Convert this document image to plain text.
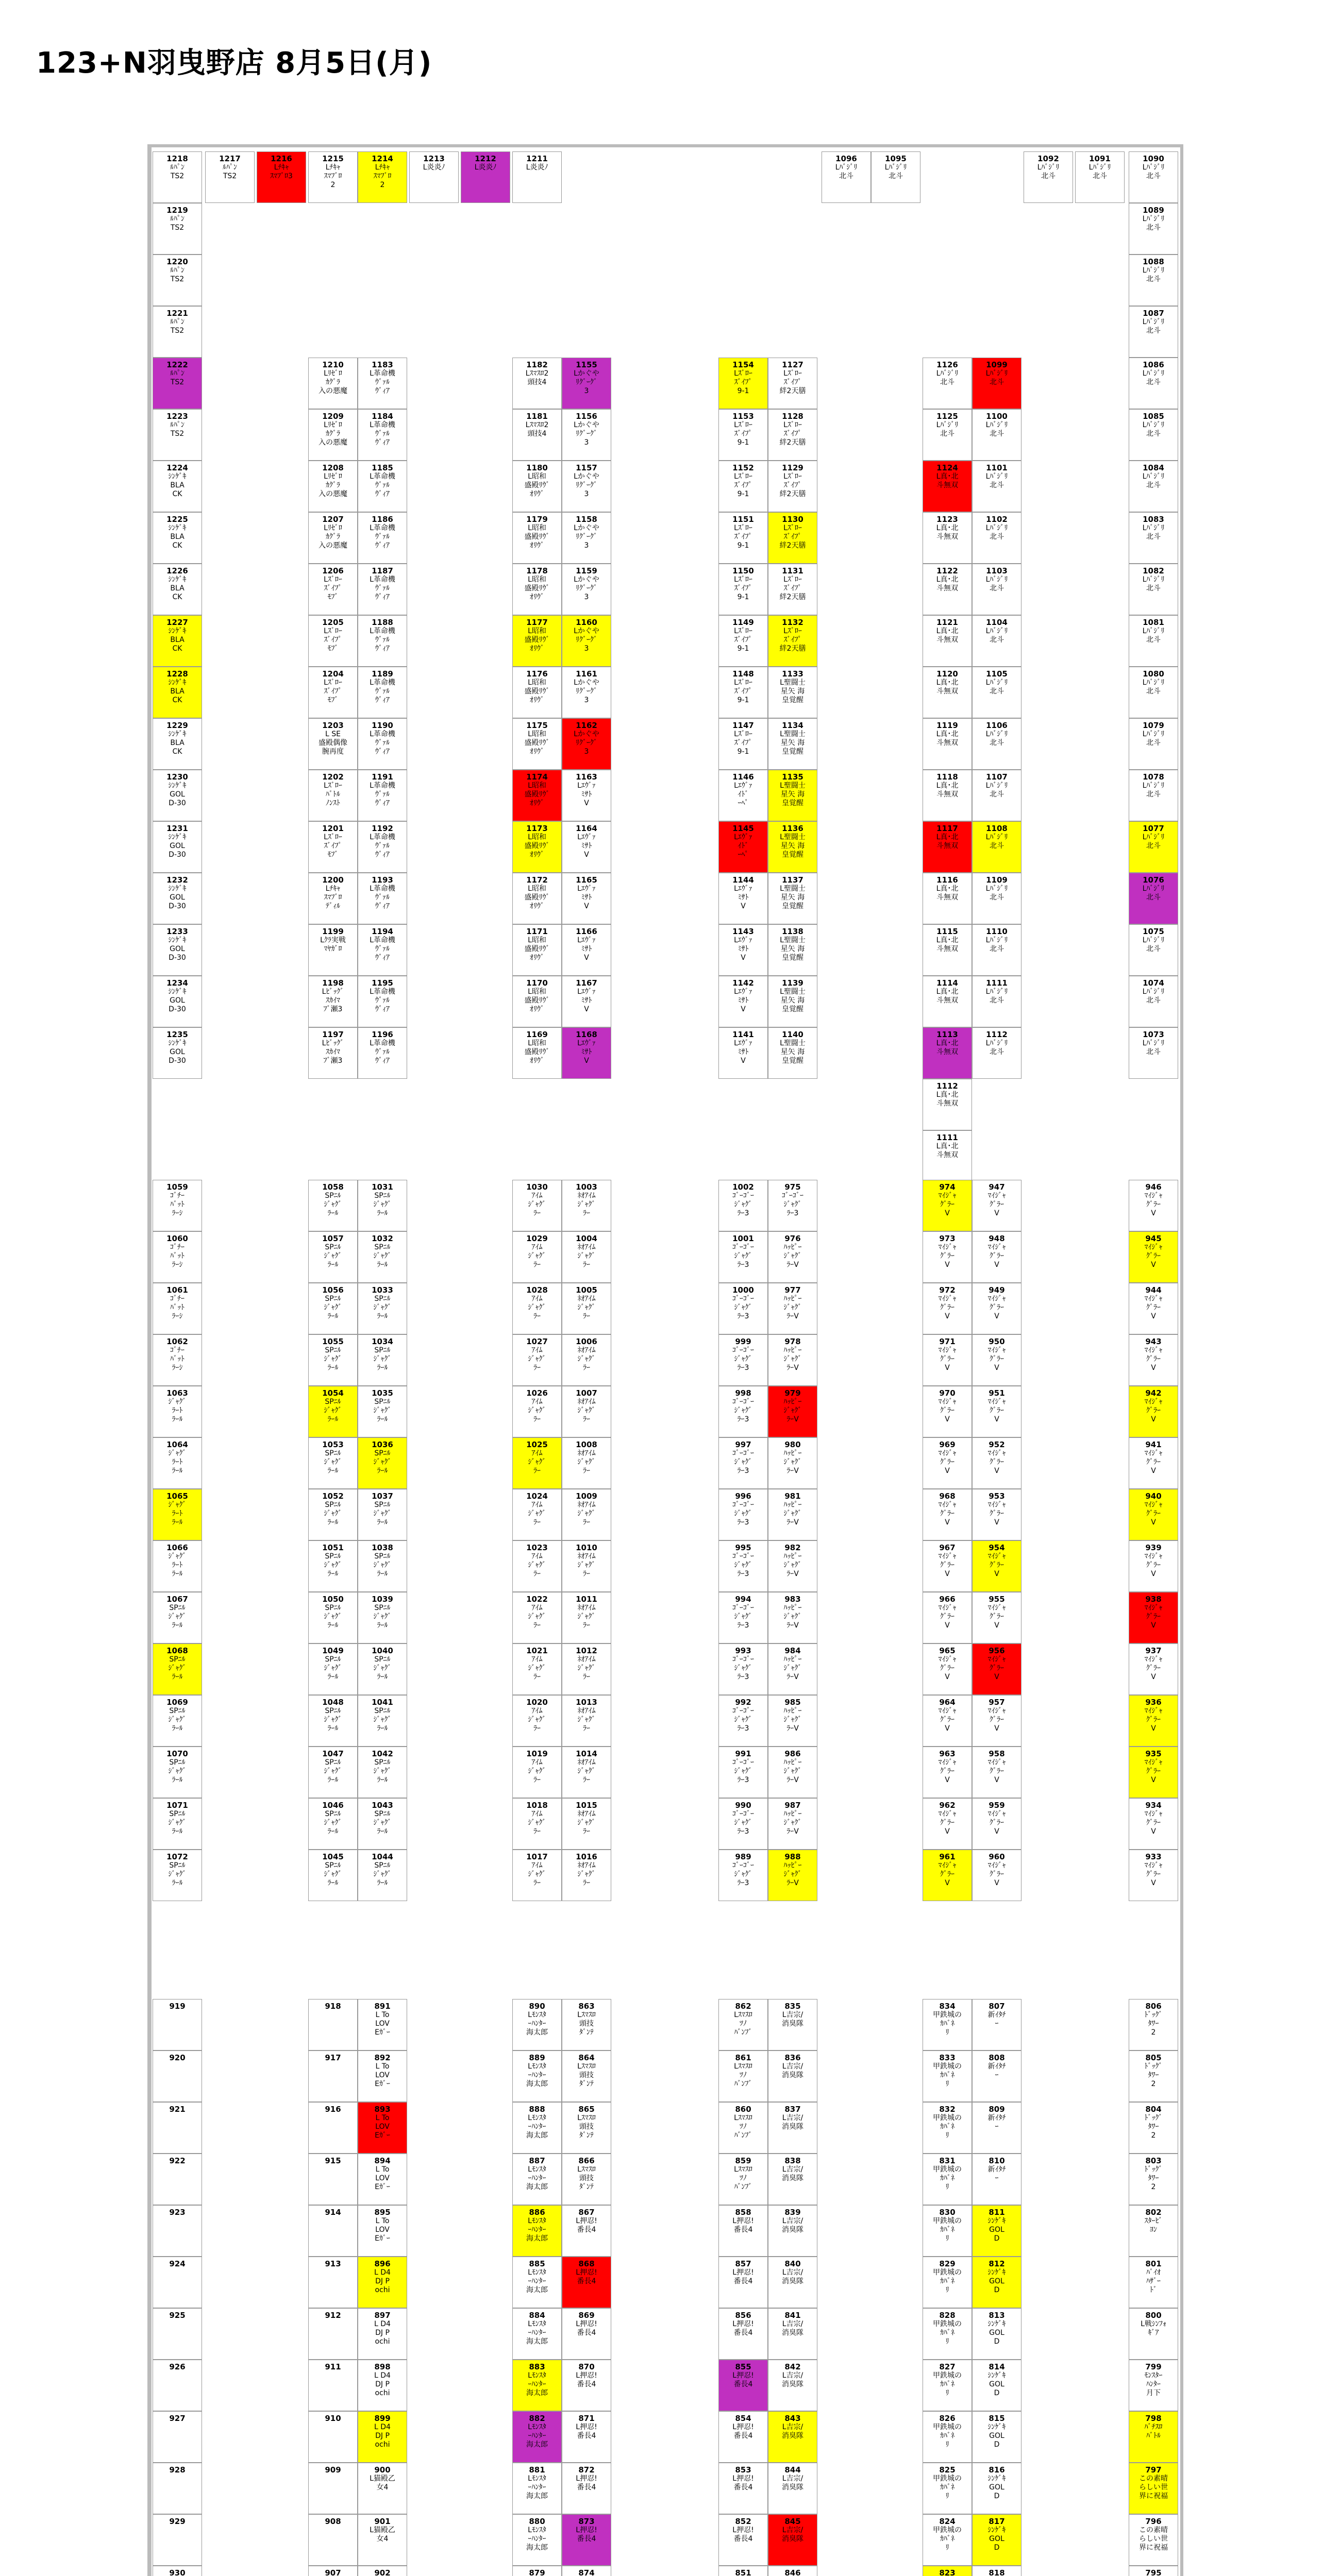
123+N羽曳野店 8月5日(月)
1218
ﾙﾊﾟﾝ
TS2
1219
ﾙﾊﾟﾝ
TS2
1220
ﾙﾊﾟﾝ
TS2
1221
ﾙﾊﾟﾝ
TS2
1222
ﾙﾊﾟﾝ
TS2
1223
ﾙﾊﾟﾝ
TS2
1224
ｼﾝｹﾞｷ
BLA
CK
1225
ｼﾝｹﾞｷ
BLA
CK
1226
ｼﾝｹﾞｷ
BLA
CK
1227
ｼﾝｹﾞｷ
BLA
CK
1228
ｼﾝｹﾞｷ
BLA
CK
1229
ｼﾝｹﾞｷ
BLA
CK
1230
ｼﾝｹﾞｷ
GOL
D-30
1231
ｼﾝｹﾞｷ
GOL
D-30
1232
ｼﾝｹﾞｷ
GOL
D-30
1233
ｼﾝｹﾞｷ
GOL
D-30
1234
ｼﾝｹﾞｷ
GOL
D-30
1235
ｼﾝｹﾞｷ
GOL
D-30
1210
Lﾘｾﾞﾛ
ｶｸﾞﾗ
入の悪魔
1209
Lﾘｾﾞﾛ
ｶｸﾞﾗ
入の悪魔
1208
Lﾘｾﾞﾛ
ｶｸﾞﾗ
入の悪魔
1207
Lﾘｾﾞﾛ
ｶｸﾞﾗ
入の悪魔
1206
Lｽﾞﾛｰ
ｽﾞｲﾌﾟ
ﾓﾌﾞ
1205
Lｽﾞﾛｰ
ｽﾞｲﾌﾟ
ﾓﾌﾞ
1204
Lｽﾞﾛｰ
ｽﾞｲﾌﾟ
ﾓﾌﾞ
1203
L SE
盛殿偶像
腕再度
1202
Lｽﾞﾛｰ
ﾊﾞﾄﾙ
ﾉﾝｽﾄ
1201
Lｽﾞﾛｰ
ｽﾞｲﾌﾟ
ﾓﾌﾞ
1200
Lﾁｷｬ
ｽﾏﾌﾞﾛ
ﾃﾞｨﾙ
1199
Lｸﾗ実戦
ﾏﾔｶﾞﾛ
1198
Lﾋﾞｯｸﾞ
ｽｶｲﾏ
ﾌﾞ瀬3
1197
Lﾋﾞｯｸﾞ
ｽｶｲﾏ
ﾌﾞ瀬3
1183
L革命機
ｳﾞｧﾙ
ｳﾞｨｱ
1184
L革命機
ｳﾞｧﾙ
ｳﾞｨｱ
1185
L革命機
ｳﾞｧﾙ
ｳﾞｨｱ
1186
L革命機
ｳﾞｧﾙ
ｳﾞｨｱ
1187
L革命機
ｳﾞｧﾙ
ｳﾞｨｱ
1188
L革命機
ｳﾞｧﾙ
ｳﾞｨｱ
1189
L革命機
ｳﾞｧﾙ
ｳﾞｨｱ
1190
L革命機
ｳﾞｧﾙ
ｳﾞｨｱ
1191
L革命機
ｳﾞｧﾙ
ｳﾞｨｱ
1192
L革命機
ｳﾞｧﾙ
ｳﾞｨｱ
1193
L革命機
ｳﾞｧﾙ
ｳﾞｨｱ
1194
L革命機
ｳﾞｧﾙ
ｳﾞｨｱ
1195
L革命機
ｳﾞｧﾙ
ｳﾞｨｱ
1196
L革命機
ｳﾞｧﾙ
ｳﾞｨｱ
1182
Lｽﾏｽﾛ2
頭技4
1181
Lｽﾏｽﾛ2
頭技4
1180
L昭和
盛殿ﾘｳﾞ
ｵﾘｳﾞ
1179
L昭和
盛殿ﾘｳﾞ
ｵﾘｳﾞ
1178
L昭和
盛殿ﾘｳﾞ
ｵﾘｳﾞ
1177
L昭和
盛殿ﾘｳﾞ
ｵﾘｳﾞ
1176
L昭和
盛殿ﾘｳﾞ
ｵﾘｳﾞ
1175
L昭和
盛殿ﾘｳﾞ
ｵﾘｳﾞ
1174
L昭和
盛殿ﾘｳﾞ
ｵﾘｳﾞ
1173
L昭和
盛殿ﾘｳﾞ
ｵﾘｳﾞ
1172
L昭和
盛殿ﾘｳﾞ
ｵﾘｳﾞ
1171
L昭和
盛殿ﾘｳﾞ
ｵﾘｳﾞ
1170
L昭和
盛殿ﾘｳﾞ
ｵﾘｳﾞ
1169
L昭和
盛殿ﾘｳﾞ
ｵﾘｳﾞ
1155
Lかぐや
ﾘｸﾞｰｸﾞ
3
1156
Lかぐや
ﾘｸﾞｰｸﾞ
3
1157
Lかぐや
ﾘｸﾞｰｸﾞ
3
1158
Lかぐや
ﾘｸﾞｰｸﾞ
3
1159
Lかぐや
ﾘｸﾞｰｸﾞ
3
1160
Lかぐや
ﾘｸﾞｰｸﾞ
3
1161
Lかぐや
ﾘｸﾞｰｸﾞ
3
1162
Lかぐや
ﾘｸﾞｰｸﾞ
3
1163
Lｴｳﾞｧ
ﾐｻﾄ
V
1164
Lｴｳﾞｧ
ﾐｻﾄ
V
1165
Lｴｳﾞｧ
ﾐｻﾄ
V
1166
Lｴｳﾞｧ
ﾐｻﾄ
V
1167
Lｴｳﾞｧ
ﾐｻﾄ
V
1168
Lｴｳﾞｧ
ﾐｻﾄ
V
1154
Lｽﾞﾛｰ
ｽﾞｲﾌﾟ
9-1
1153
Lｽﾞﾛｰ
ｽﾞｲﾌﾟ
9-1
1152
Lｽﾞﾛｰ
ｽﾞｲﾌﾟ
9-1
1151
Lｽﾞﾛｰ
ｽﾞｲﾌﾟ
9-1
1150
Lｽﾞﾛｰ
ｽﾞｲﾌﾟ
9-1
1149
Lｽﾞﾛｰ
ｽﾞｲﾌﾟ
9-1
1148
Lｽﾞﾛｰ
ｽﾞｲﾌﾟ
9-1
1147
Lｽﾞﾛｰ
ｽﾞｲﾌﾟ
9-1
1146
Lｴｳﾞｧ
ｲﾄﾞ
ｰﾍﾟ
1145
Lｴｳﾞｧ
ｲﾄﾞ
ｰﾍﾟ
1144
Lｴｳﾞｧ
ﾐｻﾄ
V
1143
Lｴｳﾞｧ
ﾐｻﾄ
V
1142
Lｴｳﾞｧ
ﾐｻﾄ
V
1141
Lｴｳﾞｧ
ﾐｻﾄ
V
1127
Lｽﾞﾛｰ
ｽﾞｲﾌﾟ
絆2天膳
1128
Lｽﾞﾛｰ
ｽﾞｲﾌﾟ
絆2天膳
1129
Lｽﾞﾛｰ
ｽﾞｲﾌﾟ
絆2天膳
1130
Lｽﾞﾛｰ
ｽﾞｲﾌﾟ
絆2天膳
1131
Lｽﾞﾛｰ
ｽﾞｲﾌﾟ
絆2天膳
1132
Lｽﾞﾛｰ
ｽﾞｲﾌﾟ
絆2天膳
1133
L聖闘士
星矢 海
皇覚醒
1134
L聖闘士
星矢 海
皇覚醒
1135
L聖闘士
星矢 海
皇覚醒
1136
L聖闘士
星矢 海
皇覚醒
1137
L聖闘士
星矢 海
皇覚醒
1138
L聖闘士
星矢 海
皇覚醒
1139
L聖闘士
星矢 海
皇覚醒
1140
L聖闘士
星矢 海
皇覚醒
1126
Lﾊﾞｼﾞﾘ
北斗
1125
Lﾊﾞｼﾞﾘ
北斗
1124
L真･北
斗無双
1123
L真･北
斗無双
1122
L真･北
斗無双
1121
L真･北
斗無双
1120
L真･北
斗無双
1119
L真･北
斗無双
1118
L真･北
斗無双
1117
L真･北
斗無双
1116
L真･北
斗無双
1115
L真･北
斗無双
1114
L真･北
斗無双
1113
L真･北
斗無双
1112
L真･北
斗無双
1111
L真･北
斗無双
1099
Lﾊﾞｼﾞﾘ
北斗
1100
Lﾊﾞｼﾞﾘ
北斗
1101
Lﾊﾞｼﾞﾘ
北斗
1102
Lﾊﾞｼﾞﾘ
北斗
1103
Lﾊﾞｼﾞﾘ
北斗
1104
Lﾊﾞｼﾞﾘ
北斗
1105
Lﾊﾞｼﾞﾘ
北斗
1106
Lﾊﾞｼﾞﾘ
北斗
1107
Lﾊﾞｼﾞﾘ
北斗
1108
Lﾊﾞｼﾞﾘ
北斗
1109
Lﾊﾞｼﾞﾘ
北斗
1110
Lﾊﾞｼﾞﾘ
北斗
1111
Lﾊﾞｼﾞﾘ
北斗
1112
Lﾊﾞｼﾞﾘ
北斗
1090
Lﾊﾞｼﾞﾘ
北斗
1089
Lﾊﾞｼﾞﾘ
北斗
1088
Lﾊﾞｼﾞﾘ
北斗
1087
Lﾊﾞｼﾞﾘ
北斗
1086
Lﾊﾞｼﾞﾘ
北斗
1085
Lﾊﾞｼﾞﾘ
北斗
1084
Lﾊﾞｼﾞﾘ
北斗
1083
Lﾊﾞｼﾞﾘ
北斗
1082
Lﾊﾞｼﾞﾘ
北斗
1081
Lﾊﾞｼﾞﾘ
北斗
1080
Lﾊﾞｼﾞﾘ
北斗
1079
Lﾊﾞｼﾞﾘ
北斗
1078
Lﾊﾞｼﾞﾘ
北斗
1077
Lﾊﾞｼﾞﾘ
北斗
1076
Lﾊﾞｼﾞﾘ
北斗
1075
Lﾊﾞｼﾞﾘ
北斗
1074
Lﾊﾞｼﾞﾘ
北斗
1073
Lﾊﾞｼﾞﾘ
北斗
1217
ﾙﾊﾟﾝ
TS2
1216
Lﾁｷｬ
ｽﾏﾌﾞﾛ3
1215
Lﾁｷｬ
ｽﾏﾌﾞﾛ
2
1214
Lﾁｷｬ
ｽﾏﾌﾞﾛ
2
1213
L炎炎ﾉ
1212
L炎炎ﾉ
1211
L炎炎ﾉ
1092
Lﾊﾞｼﾞﾘ
北斗
1091
Lﾊﾞｼﾞﾘ
北斗
1096
Lﾊﾞｼﾞﾘ
北斗
1095
Lﾊﾞｼﾞﾘ
北斗
1059
ｺﾞﾁｰ
ﾊﾞｯﾄ
ﾗｰｼ
1060
ｺﾞﾁｰ
ﾊﾞｯﾄ
ﾗｰｼ
1061
ｺﾞﾁｰ
ﾊﾞｯﾄ
ﾗｰｼ
1062
ｺﾞﾁｰ
ﾊﾞｯﾄ
ﾗｰｼ
1063
ｼﾞｬｸﾞ
ﾗｰﾄ
ﾗｰﾙ
1064
ｼﾞｬｸﾞ
ﾗｰﾄ
ﾗｰﾙ
1065
ｼﾞｬｸﾞ
ﾗｰﾄ
ﾗｰﾙ
1066
ｼﾞｬｸﾞ
ﾗｰﾄ
ﾗｰﾙ
1067
SPﾆﾙ
ｼﾞｬｸﾞ
ﾗｰﾙ
1068
SPﾆﾙ
ｼﾞｬｸﾞ
ﾗｰﾙ
1069
SPﾆﾙ
ｼﾞｬｸﾞ
ﾗｰﾙ
1070
SPﾆﾙ
ｼﾞｬｸﾞ
ﾗｰﾙ
1071
SPﾆﾙ
ｼﾞｬｸﾞ
ﾗｰﾙ
1072
SPﾆﾙ
ｼﾞｬｸﾞ
ﾗｰﾙ
1058
SPﾆﾙ
ｼﾞｬｸﾞ
ﾗｰﾙ
1057
SPﾆﾙ
ｼﾞｬｸﾞ
ﾗｰﾙ
1056
SPﾆﾙ
ｼﾞｬｸﾞ
ﾗｰﾙ
1055
SPﾆﾙ
ｼﾞｬｸﾞ
ﾗｰﾙ
1054
SPﾆﾙ
ｼﾞｬｸﾞ
ﾗｰﾙ
1053
SPﾆﾙ
ｼﾞｬｸﾞ
ﾗｰﾙ
1052
SPﾆﾙ
ｼﾞｬｸﾞ
ﾗｰﾙ
1051
SPﾆﾙ
ｼﾞｬｸﾞ
ﾗｰﾙ
1050
SPﾆﾙ
ｼﾞｬｸﾞ
ﾗｰﾙ
1049
SPﾆﾙ
ｼﾞｬｸﾞ
ﾗｰﾙ
1048
SPﾆﾙ
ｼﾞｬｸﾞ
ﾗｰﾙ
1047
SPﾆﾙ
ｼﾞｬｸﾞ
ﾗｰﾙ
1046
SPﾆﾙ
ｼﾞｬｸﾞ
ﾗｰﾙ
1045
SPﾆﾙ
ｼﾞｬｸﾞ
ﾗｰﾙ
1031
SPﾆﾙ
ｼﾞｬｸﾞ
ﾗｰﾙ
1032
SPﾆﾙ
ｼﾞｬｸﾞ
ﾗｰﾙ
1033
SPﾆﾙ
ｼﾞｬｸﾞ
ﾗｰﾙ
1034
SPﾆﾙ
ｼﾞｬｸﾞ
ﾗｰﾙ
1035
SPﾆﾙ
ｼﾞｬｸﾞ
ﾗｰﾙ
1036
SPﾆﾙ
ｼﾞｬｸﾞ
ﾗｰﾙ
1037
SPﾆﾙ
ｼﾞｬｸﾞ
ﾗｰﾙ
1038
SPﾆﾙ
ｼﾞｬｸﾞ
ﾗｰﾙ
1039
SPﾆﾙ
ｼﾞｬｸﾞ
ﾗｰﾙ
1040
SPﾆﾙ
ｼﾞｬｸﾞ
ﾗｰﾙ
1041
SPﾆﾙ
ｼﾞｬｸﾞ
ﾗｰﾙ
1042
SPﾆﾙ
ｼﾞｬｸﾞ
ﾗｰﾙ
1043
SPﾆﾙ
ｼﾞｬｸﾞ
ﾗｰﾙ
1044
SPﾆﾙ
ｼﾞｬｸﾞ
ﾗｰﾙ
1030
ｱｲﾑ
ｼﾞｬｸﾞ
ﾗｰ
1029
ｱｲﾑ
ｼﾞｬｸﾞ
ﾗｰ
1028
ｱｲﾑ
ｼﾞｬｸﾞ
ﾗｰ
1027
ｱｲﾑ
ｼﾞｬｸﾞ
ﾗｰ
1026
ｱｲﾑ
ｼﾞｬｸﾞ
ﾗｰ
1025
ｱｲﾑ
ｼﾞｬｸﾞ
ﾗｰ
1024
ｱｲﾑ
ｼﾞｬｸﾞ
ﾗｰ
1023
ｱｲﾑ
ｼﾞｬｸﾞ
ﾗｰ
1022
ｱｲﾑ
ｼﾞｬｸﾞ
ﾗｰ
1021
ｱｲﾑ
ｼﾞｬｸﾞ
ﾗｰ
1020
ｱｲﾑ
ｼﾞｬｸﾞ
ﾗｰ
1019
ｱｲﾑ
ｼﾞｬｸﾞ
ﾗｰ
1018
ｱｲﾑ
ｼﾞｬｸﾞ
ﾗｰ
1017
ｱｲﾑ
ｼﾞｬｸﾞ
ﾗｰ
1003
ﾈｵｱｲﾑ
ｼﾞｬｸﾞ
ﾗｰ
1004
ﾈｵｱｲﾑ
ｼﾞｬｸﾞ
ﾗｰ
1005
ﾈｵｱｲﾑ
ｼﾞｬｸﾞ
ﾗｰ
1006
ﾈｵｱｲﾑ
ｼﾞｬｸﾞ
ﾗｰ
1007
ﾈｵｱｲﾑ
ｼﾞｬｸﾞ
ﾗｰ
1008
ﾈｵｱｲﾑ
ｼﾞｬｸﾞ
ﾗｰ
1009
ﾈｵｱｲﾑ
ｼﾞｬｸﾞ
ﾗｰ
1010
ﾈｵｱｲﾑ
ｼﾞｬｸﾞ
ﾗｰ
1011
ﾈｵｱｲﾑ
ｼﾞｬｸﾞ
ﾗｰ
1012
ﾈｵｱｲﾑ
ｼﾞｬｸﾞ
ﾗｰ
1013
ﾈｵｱｲﾑ
ｼﾞｬｸﾞ
ﾗｰ
1014
ﾈｵｱｲﾑ
ｼﾞｬｸﾞ
ﾗｰ
1015
ﾈｵｱｲﾑ
ｼﾞｬｸﾞ
ﾗｰ
1016
ﾈｵｱｲﾑ
ｼﾞｬｸﾞ
ﾗｰ
1002
ｺﾞｰｺﾞｰ
ｼﾞｬｸﾞ
ﾗｰ3
1001
ｺﾞｰｺﾞｰ
ｼﾞｬｸﾞ
ﾗｰ3
1000
ｺﾞｰｺﾞｰ
ｼﾞｬｸﾞ
ﾗｰ3
999
ｺﾞｰｺﾞｰ
ｼﾞｬｸﾞ
ﾗｰ3
998
ｺﾞｰｺﾞｰ
ｼﾞｬｸﾞ
ﾗｰ3
997
ｺﾞｰｺﾞｰ
ｼﾞｬｸﾞ
ﾗｰ3
996
ｺﾞｰｺﾞｰ
ｼﾞｬｸﾞ
ﾗｰ3
995
ｺﾞｰｺﾞｰ
ｼﾞｬｸﾞ
ﾗｰ3
994
ｺﾞｰｺﾞｰ
ｼﾞｬｸﾞ
ﾗｰ3
993
ｺﾞｰｺﾞｰ
ｼﾞｬｸﾞ
ﾗｰ3
992
ｺﾞｰｺﾞｰ
ｼﾞｬｸﾞ
ﾗｰ3
991
ｺﾞｰｺﾞｰ
ｼﾞｬｸﾞ
ﾗｰ3
990
ｺﾞｰｺﾞｰ
ｼﾞｬｸﾞ
ﾗｰ3
989
ｺﾞｰｺﾞｰ
ｼﾞｬｸﾞ
ﾗｰ3
975
ｺﾞｰｺﾞｰ
ｼﾞｬｸﾞ
ﾗｰ3
976
ﾊｯﾋﾟｰ
ｼﾞｬｸﾞ
ﾗｰV
977
ﾊｯﾋﾟｰ
ｼﾞｬｸﾞ
ﾗｰV
978
ﾊｯﾋﾟｰ
ｼﾞｬｸﾞ
ﾗｰV
979
ﾊｯﾋﾟｰ
ｼﾞｬｸﾞ
ﾗｰV
980
ﾊｯﾋﾟｰ
ｼﾞｬｸﾞ
ﾗｰV
981
ﾊｯﾋﾟｰ
ｼﾞｬｸﾞ
ﾗｰV
982
ﾊｯﾋﾟｰ
ｼﾞｬｸﾞ
ﾗｰV
983
ﾊｯﾋﾟｰ
ｼﾞｬｸﾞ
ﾗｰV
984
ﾊｯﾋﾟｰ
ｼﾞｬｸﾞ
ﾗｰV
985
ﾊｯﾋﾟｰ
ｼﾞｬｸﾞ
ﾗｰV
986
ﾊｯﾋﾟｰ
ｼﾞｬｸﾞ
ﾗｰV
987
ﾊｯﾋﾟｰ
ｼﾞｬｸﾞ
ﾗｰV
988
ﾊｯﾋﾟｰ
ｼﾞｬｸﾞ
ﾗｰV
974
ﾏｲｼﾞｬ
ｸﾞﾗｰ
V
973
ﾏｲｼﾞｬ
ｸﾞﾗｰ
V
972
ﾏｲｼﾞｬ
ｸﾞﾗｰ
V
971
ﾏｲｼﾞｬ
ｸﾞﾗｰ
V
970
ﾏｲｼﾞｬ
ｸﾞﾗｰ
V
969
ﾏｲｼﾞｬ
ｸﾞﾗｰ
V
968
ﾏｲｼﾞｬ
ｸﾞﾗｰ
V
967
ﾏｲｼﾞｬ
ｸﾞﾗｰ
V
966
ﾏｲｼﾞｬ
ｸﾞﾗｰ
V
965
ﾏｲｼﾞｬ
ｸﾞﾗｰ
V
964
ﾏｲｼﾞｬ
ｸﾞﾗｰ
V
963
ﾏｲｼﾞｬ
ｸﾞﾗｰ
V
962
ﾏｲｼﾞｬ
ｸﾞﾗｰ
V
961
ﾏｲｼﾞｬ
ｸﾞﾗｰ
V
947
ﾏｲｼﾞｬ
ｸﾞﾗｰ
V
948
ﾏｲｼﾞｬ
ｸﾞﾗｰ
V
949
ﾏｲｼﾞｬ
ｸﾞﾗｰ
V
950
ﾏｲｼﾞｬ
ｸﾞﾗｰ
V
951
ﾏｲｼﾞｬ
ｸﾞﾗｰ
V
952
ﾏｲｼﾞｬ
ｸﾞﾗｰ
V
953
ﾏｲｼﾞｬ
ｸﾞﾗｰ
V
954
ﾏｲｼﾞｬ
ｸﾞﾗｰ
V
955
ﾏｲｼﾞｬ
ｸﾞﾗｰ
V
956
ﾏｲｼﾞｬ
ｸﾞﾗｰ
V
957
ﾏｲｼﾞｬ
ｸﾞﾗｰ
V
958
ﾏｲｼﾞｬ
ｸﾞﾗｰ
V
959
ﾏｲｼﾞｬ
ｸﾞﾗｰ
V
960
ﾏｲｼﾞｬ
ｸﾞﾗｰ
V
946
ﾏｲｼﾞｬ
ｸﾞﾗｰ
V
945
ﾏｲｼﾞｬ
ｸﾞﾗｰ
V
944
ﾏｲｼﾞｬ
ｸﾞﾗｰ
V
943
ﾏｲｼﾞｬ
ｸﾞﾗｰ
V
942
ﾏｲｼﾞｬ
ｸﾞﾗｰ
V
941
ﾏｲｼﾞｬ
ｸﾞﾗｰ
V
940
ﾏｲｼﾞｬ
ｸﾞﾗｰ
V
939
ﾏｲｼﾞｬ
ｸﾞﾗｰ
V
938
ﾏｲｼﾞｬ
ｸﾞﾗｰ
V
937
ﾏｲｼﾞｬ
ｸﾞﾗｰ
V
936
ﾏｲｼﾞｬ
ｸﾞﾗｰ
V
935
ﾏｲｼﾞｬ
ｸﾞﾗｰ
V
934
ﾏｲｼﾞｬ
ｸﾞﾗｰ
V
933
ﾏｲｼﾞｬ
ｸﾞﾗｰ
V
919
920
921
922
923
924
925
926
927
928
929
930
918
917
916
915
914
913
912
911
910
909
908
907
891
L To
LOV
Eｶﾞｰ
892
L To
LOV
Eｶﾞｰ
893
L To
LOV
Eｶﾞｰ
894
L To
LOV
Eｶﾞｰ
895
L To
LOV
Eｶﾞｰ
896
L D4
DJ P
ochi
897
L D4
DJ P
ochi
898
L D4
DJ P
ochi
899
L D4
DJ P
ochi
900
L猫殿乙
女4
901
L猫殿乙
女4
902
890
Lﾓﾝｽﾀ
ｰﾊﾝﾀｰ
海太郎
889
Lﾓﾝｽﾀ
ｰﾊﾝﾀｰ
海太郎
888
Lﾓﾝｽﾀ
ｰﾊﾝﾀｰ
海太郎
887
Lﾓﾝｽﾀ
ｰﾊﾝﾀｰ
海太郎
886
Lﾓﾝｽﾀ
ｰﾊﾝﾀｰ
海太郎
885
Lﾓﾝｽﾀ
ｰﾊﾝﾀｰ
海太郎
884
Lﾓﾝｽﾀ
ｰﾊﾝﾀｰ
海太郎
883
Lﾓﾝｽﾀ
ｰﾊﾝﾀｰ
海太郎
882
Lﾓﾝｽﾀ
ｰﾊﾝﾀｰ
海太郎
881
Lﾓﾝｽﾀ
ｰﾊﾝﾀｰ
海太郎
880
Lﾓﾝｽﾀ
ｰﾊﾝﾀｰ
海太郎
879
863
Lｽﾏｽﾛ
頭技
ﾀﾞﾝﾃ
864
Lｽﾏｽﾛ
頭技
ﾀﾞﾝﾃ
865
Lｽﾏｽﾛ
頭技
ﾀﾞﾝﾃ
866
Lｽﾏｽﾛ
頭技
ﾀﾞﾝﾃ
867
L押忍!
番長4
868
L押忍!
番長4
869
L押忍!
番長4
870
L押忍!
番長4
871
L押忍!
番長4
872
L押忍!
番長4
873
L押忍!
番長4
874
862
Lｽﾏｽﾛ
ﾂﾉ
ﾊﾞﾝﾌﾞ
861
Lｽﾏｽﾛ
ﾂﾉ
ﾊﾞﾝﾌﾞ
860
Lｽﾏｽﾛ
ﾂﾉ
ﾊﾞﾝﾌﾞ
859
Lｽﾏｽﾛ
ﾂﾉ
ﾊﾞﾝﾌﾞ
858
L押忍!
番長4
857
L押忍!
番長4
856
L押忍!
番長4
855
L押忍!
番長4
854
L押忍!
番長4
853
L押忍!
番長4
852
L押忍!
番長4
851
835
L吉宗/
消臭隊
836
L吉宗/
消臭隊
837
L吉宗/
消臭隊
838
L吉宗/
消臭隊
839
L吉宗/
消臭隊
840
L吉宗/
消臭隊
841
L吉宗/
消臭隊
842
L吉宗/
消臭隊
843
L吉宗/
消臭隊
844
L吉宗/
消臭隊
845
L吉宗/
消臭隊
846
834
甲鉄城の
ｶﾊﾞﾈ
ﾘ
833
甲鉄城の
ｶﾊﾞﾈ
ﾘ
832
甲鉄城の
ｶﾊﾞﾈ
ﾘ
831
甲鉄城の
ｶﾊﾞﾈ
ﾘ
830
甲鉄城の
ｶﾊﾞﾈ
ﾘ
829
甲鉄城の
ｶﾊﾞﾈ
ﾘ
828
甲鉄城の
ｶﾊﾞﾈ
ﾘ
827
甲鉄城の
ｶﾊﾞﾈ
ﾘ
826
甲鉄城の
ｶﾊﾞﾈ
ﾘ
825
甲鉄城の
ｶﾊﾞﾈ
ﾘ
824
甲鉄城の
ｶﾊﾞﾈ
ﾘ
823
807
新ｲﾀﾁ
ｰ
808
新ｲﾀﾁ
ｰ
809
新ｲﾀﾁ
ｰ
810
新ｲﾀﾁ
ｰ
811
ｼﾝｹﾞｷ
GOL
D
812
ｼﾝｹﾞｷ
GOL
D
813
ｼﾝｹﾞｷ
GOL
D
814
ｼﾝｹﾞｷ
GOL
D
815
ｼﾝｹﾞｷ
GOL
D
816
ｼﾝｹﾞｷ
GOL
D
817
ｼﾝｹﾞｷ
GOL
D
818
806
ﾄﾞｯｸﾞ
ﾀﾜｰ
2
805
ﾄﾞｯｸﾞ
ﾀﾜｰ
2
804
ﾄﾞｯｸﾞ
ﾀﾜｰ
2
803
ﾄﾞｯｸﾞ
ﾀﾜｰ
2
802
ｽﾀｰﾋﾞ
ﾖﾝ
801
ﾊﾞｲｵ
ﾊｻﾞｰ
ﾄﾞ
800
L戦ｼﾝﾌｫ
ｷﾞｱ
799
ﾓﾝｽﾀｰ
ﾊﾝﾀｰ
月下
798
ﾊﾞﾁｽﾛ
ﾊﾞﾄﾙ
797
この素晴
らしい世
界に祝福
796
この素晴
らしい世
界に祝福
795
